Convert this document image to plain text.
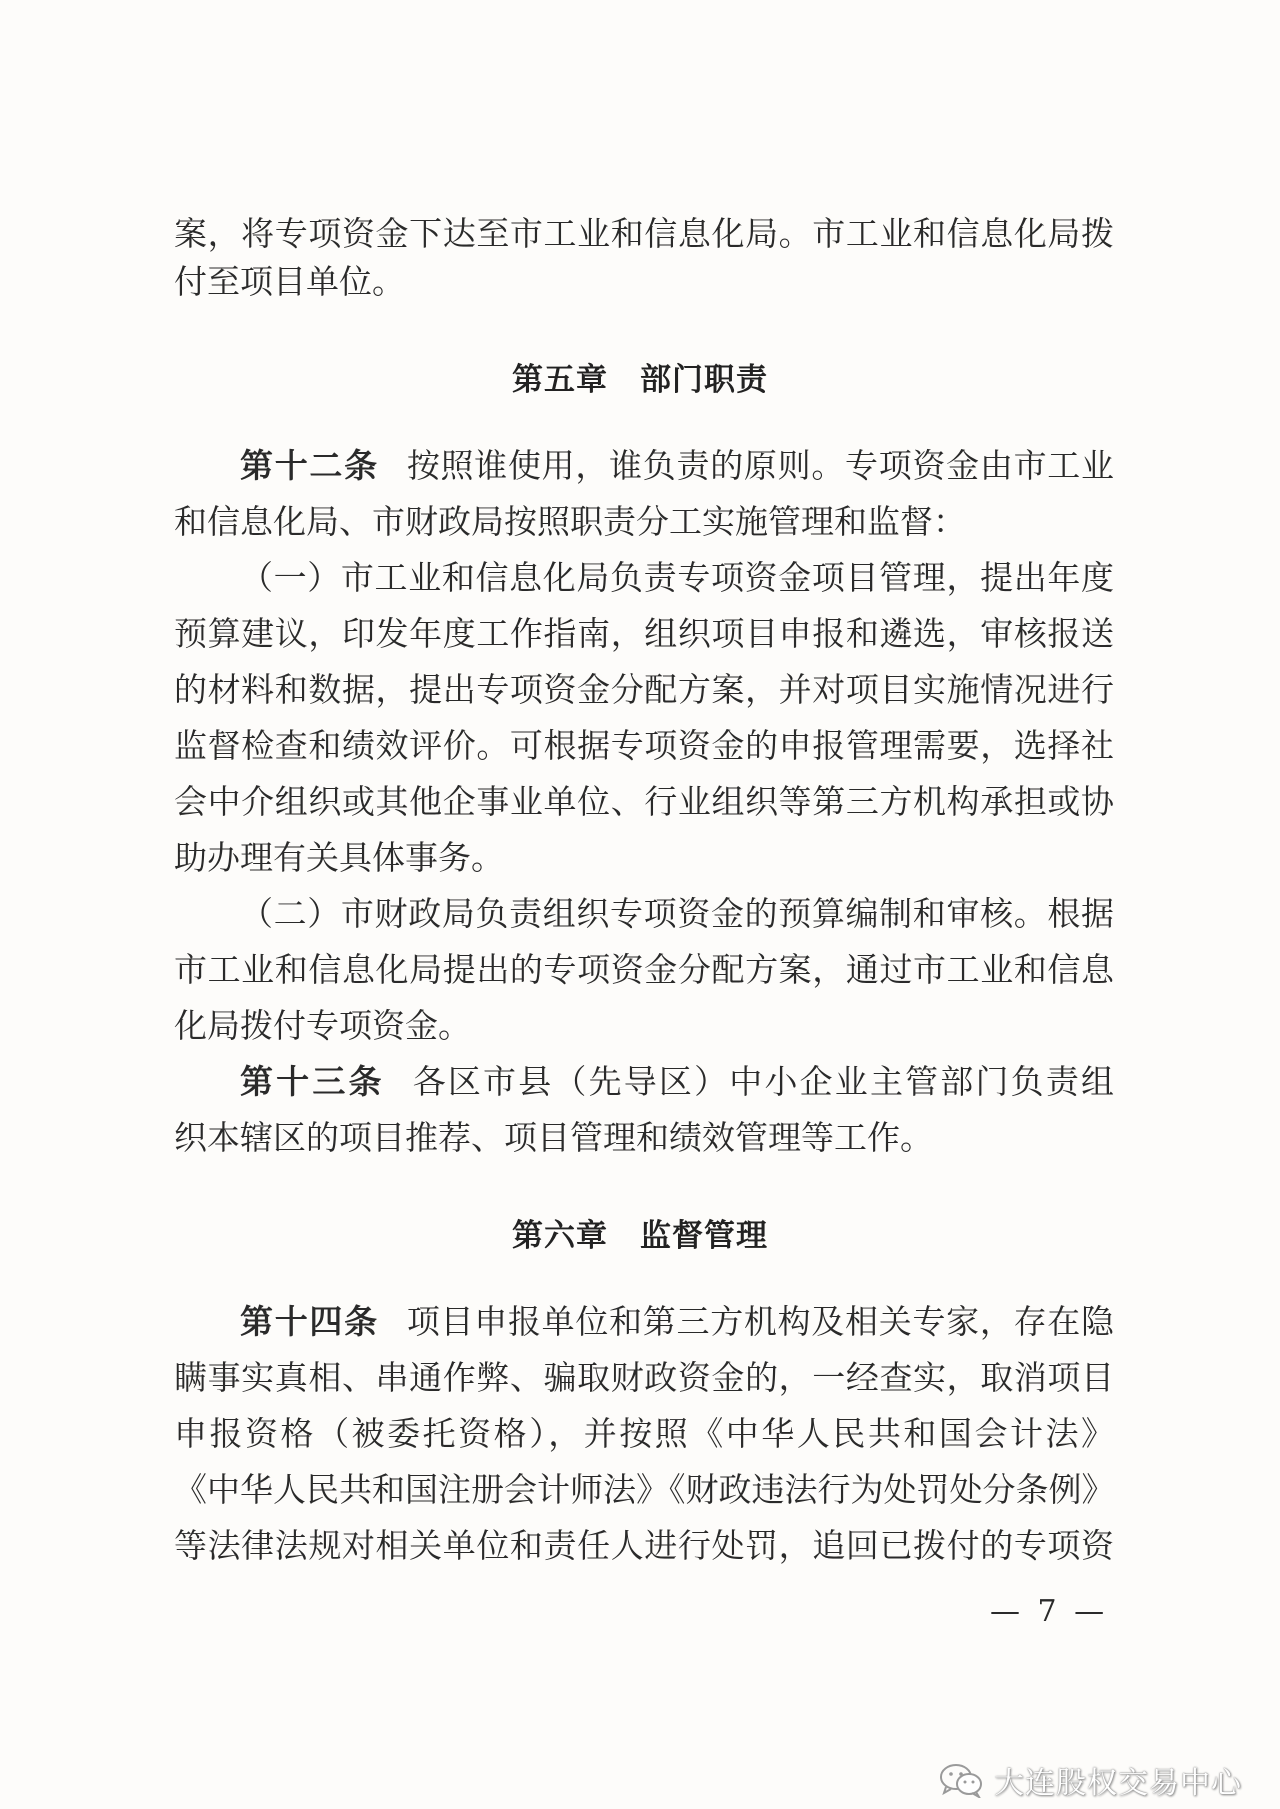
案，将专项资金下达至市工业和信息化局。市工业和信息化局拨
付至项目单位。
第五章　部门职责
第十二条 按照谁使用，谁负责的原则。专项资金由市工业
和信息化局、市财政局按照职责分工实施管理和监督：
（一）市工业和信息化局负责专项资金项目管理，提出年度
预算建议，印发年度工作指南，组织项目申报和遴选，审核报送
的材料和数据，提出专项资金分配方案，并对项目实施情况进行
监督检查和绩效评价。可根据专项资金的申报管理需要，选择社
会中介组织或其他企事业单位、行业组织等第三方机构承担或协
助办理有关具体事务。
（二）市财政局负责组织专项资金的预算编制和审核。根据
市工业和信息化局提出的专项资金分配方案，通过市工业和信息
化局拨付专项资金。
第十三条 各区市县（先导区）中小企业主管部门负责组
织本辖区的项目推荐、项目管理和绩效管理等工作。
第六章　监督管理
第十四条 项目申报单位和第三方机构及相关专家，存在隐
瞒事实真相、串通作弊、骗取财政资金的，一经查实，取消项目
申报资格（被委托资格），并按照《中华人民共和国会计法》
《中华人民共和国注册会计师法》《财政违法行为处罚处分条例》
等法律法规对相关单位和责任人进行处罚，追回已拨付的专项资
— 7 —
大连股权交易中心
